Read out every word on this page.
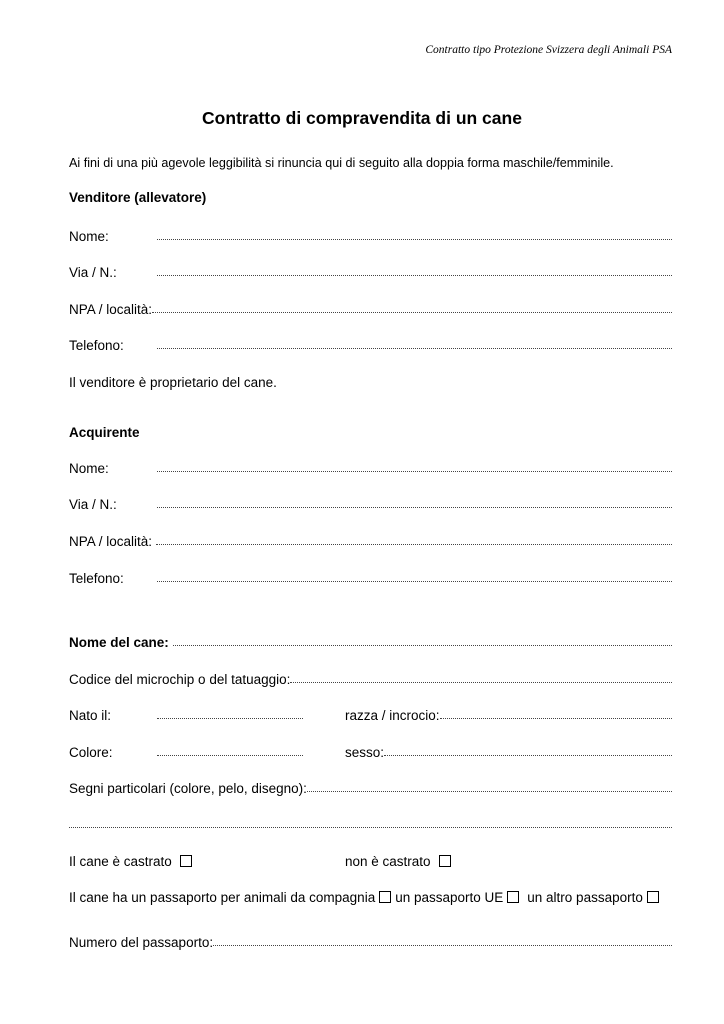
Contratto tipo Protezione Svizzera degli Animali PSA
Contratto di compravendita di un cane
Ai fini di una più agevole leggibilità si rinuncia qui di seguito alla doppia forma maschile/femminile.
Venditore (allevatore)
Nome:
Via / N.:
NPA / località:
Telefono:
Il venditore è proprietario del cane.
Acquirente
Nome:
Via / N.:
NPA / località:
Telefono:
Nome del cane:
Codice del microchip o del tatuaggio:
Nato il:	razza / incrocio:
Colore:	sesso:
Segni particolari (colore, pelo, disegno):
Il cane è castrato	non è castrato
Il cane ha un passaporto per animali da compagnia un passaporto UE un altro passaporto
Numero del passaporto:
